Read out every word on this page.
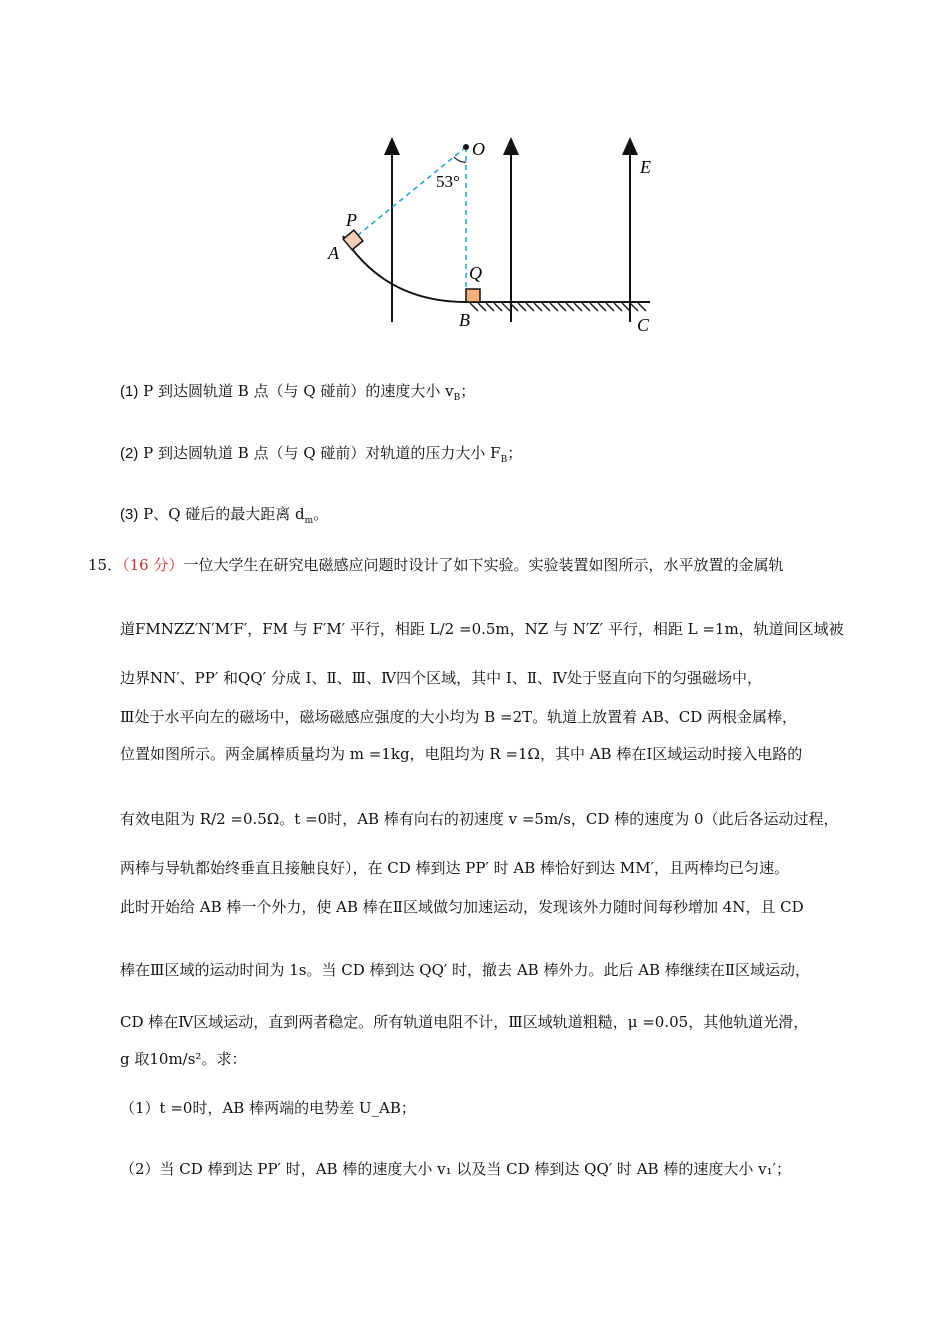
O
E
53°
P
A
Q
B	C
(1) P 到达圆轨道 B 点（与 Q 碰前）的速度大小 $v_B$；
(2) P 到达圆轨道 B 点（与 Q 碰前）对轨道的压力大小 $F_B$；
(3) P、Q 碰后的最大距离 $d_m$。
15．（16 分）一位大学生在研究电磁感应问题时设计了如下实验。实验装置如图所示，水平放置的金属轨
道FMNZZ′N′M′F′，FM 与 F′M′ 平行，相距 L/2 =0.5m，NZ 与 N′Z′ 平行，相距 L =1m，轨道间区域被
边界NN′、PP′ 和QQ′ 分成 Ⅰ、Ⅱ、Ⅲ、Ⅳ四个区域，其中 Ⅰ、Ⅱ、Ⅳ处于竖直向下的匀强磁场中，
Ⅲ处于水平向左的磁场中，磁场磁感应强度的大小均为 B =2T。轨道上放置着 AB、CD 两根金属棒，
位置如图所示。两金属棒质量均为 m =1kg，电阻均为 R =1Ω，其中 AB 棒在Ⅰ区域运动时接入电路的
有效电阻为 R/2 =0.5Ω。t =0时，AB 棒有向右的初速度 v =5m/s，CD 棒的速度为 0（此后各运动过程，
两棒与导轨都始终垂直且接触良好），在 CD 棒到达 PP′ 时 AB 棒恰好到达 MM′，且两棒均已匀速。
此时开始给 AB 棒一个外力，使 AB 棒在Ⅱ区域做匀加速运动，发现该外力随时间每秒增加 4N，且 CD
棒在Ⅲ区域的运动时间为 1s。当 CD 棒到达 QQ′ 时，撤去 AB 棒外力。此后 AB 棒继续在Ⅱ区域运动，
CD 棒在Ⅳ区域运动，直到两者稳定。所有轨道电阻不计，Ⅲ区域轨道粗糙，μ =0.05，其他轨道光滑，
g 取10m/s²。求：
（1）t =0时，AB 棒两端的电势差 U_AB；
（2）当 CD 棒到达 PP′ 时，AB 棒的速度大小 v₁ 以及当 CD 棒到达 QQ′ 时 AB 棒的速度大小 v₁′；
